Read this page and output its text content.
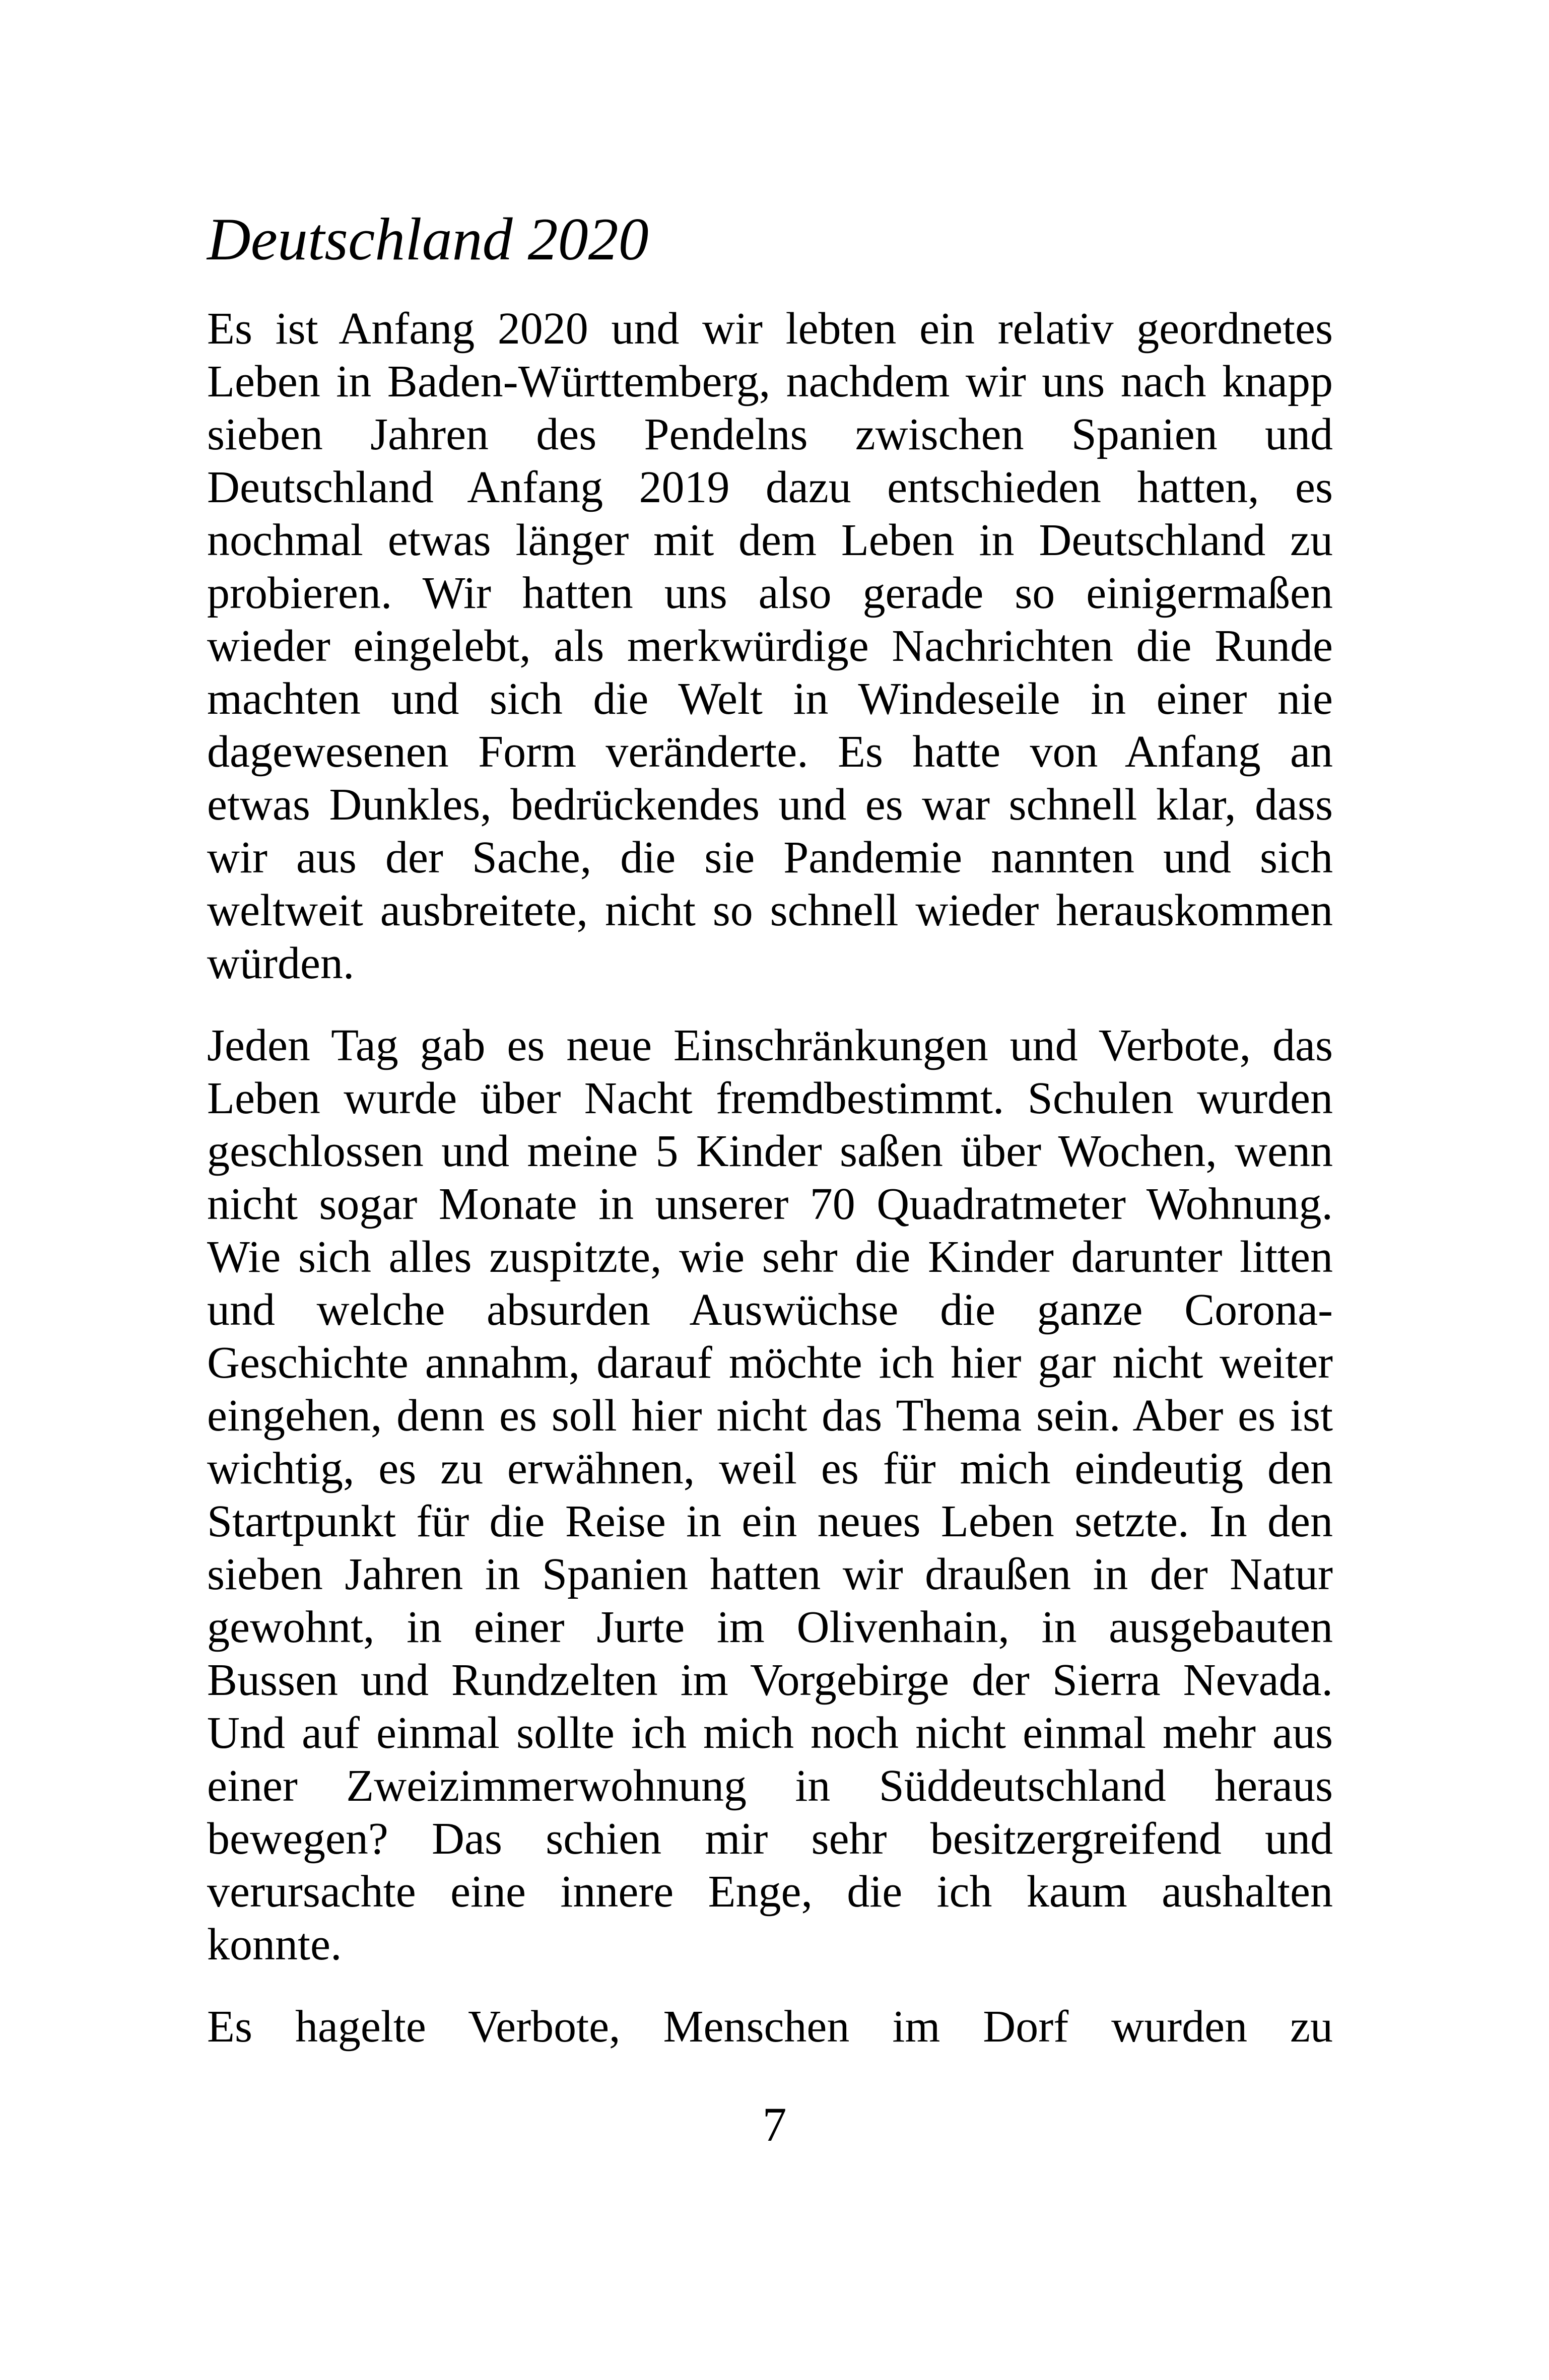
Deutschland 2020

Es ist Anfang 2020 und wir lebten ein relativ geordnetes
Leben in Baden-Württemberg, nachdem wir uns nach knapp
sieben Jahren des Pendelns zwischen Spanien und
Deutschland Anfang 2019 dazu entschieden hatten, es
nochmal etwas länger mit dem Leben in Deutschland zu
probieren. Wir hatten uns also gerade so einigermaßen
wieder eingelebt, als merkwürdige Nachrichten die Runde
machten und sich die Welt in Windeseile in einer nie
dagewesenen Form veränderte. Es hatte von Anfang an
etwas Dunkles, bedrückendes und es war schnell klar, dass
wir aus der Sache, die sie Pandemie nannten und sich
weltweit ausbreitete, nicht so schnell wieder herauskommen
würden.

Jeden Tag gab es neue Einschränkungen und Verbote, das
Leben wurde über Nacht fremdbestimmt. Schulen wurden
geschlossen und meine 5 Kinder saßen über Wochen, wenn
nicht sogar Monate in unserer 70 Quadratmeter Wohnung.
Wie sich alles zuspitzte, wie sehr die Kinder darunter litten
und welche absurden Auswüchse die ganze Corona-
Geschichte annahm, darauf möchte ich hier gar nicht weiter
eingehen, denn es soll hier nicht das Thema sein. Aber es ist
wichtig, es zu erwähnen, weil es für mich eindeutig den
Startpunkt für die Reise in ein neues Leben setzte. In den
sieben Jahren in Spanien hatten wir draußen in der Natur
gewohnt, in einer Jurte im Olivenhain, in ausgebauten
Bussen und Rundzelten im Vorgebirge der Sierra Nevada.
Und auf einmal sollte ich mich noch nicht einmal mehr aus
einer Zweizimmerwohnung in Süddeutschland heraus
bewegen? Das schien mir sehr besitzergreifend und
verursachte eine innere Enge, die ich kaum aushalten
konnte.

Es hagelte Verbote, Menschen im Dorf wurden zu

7
